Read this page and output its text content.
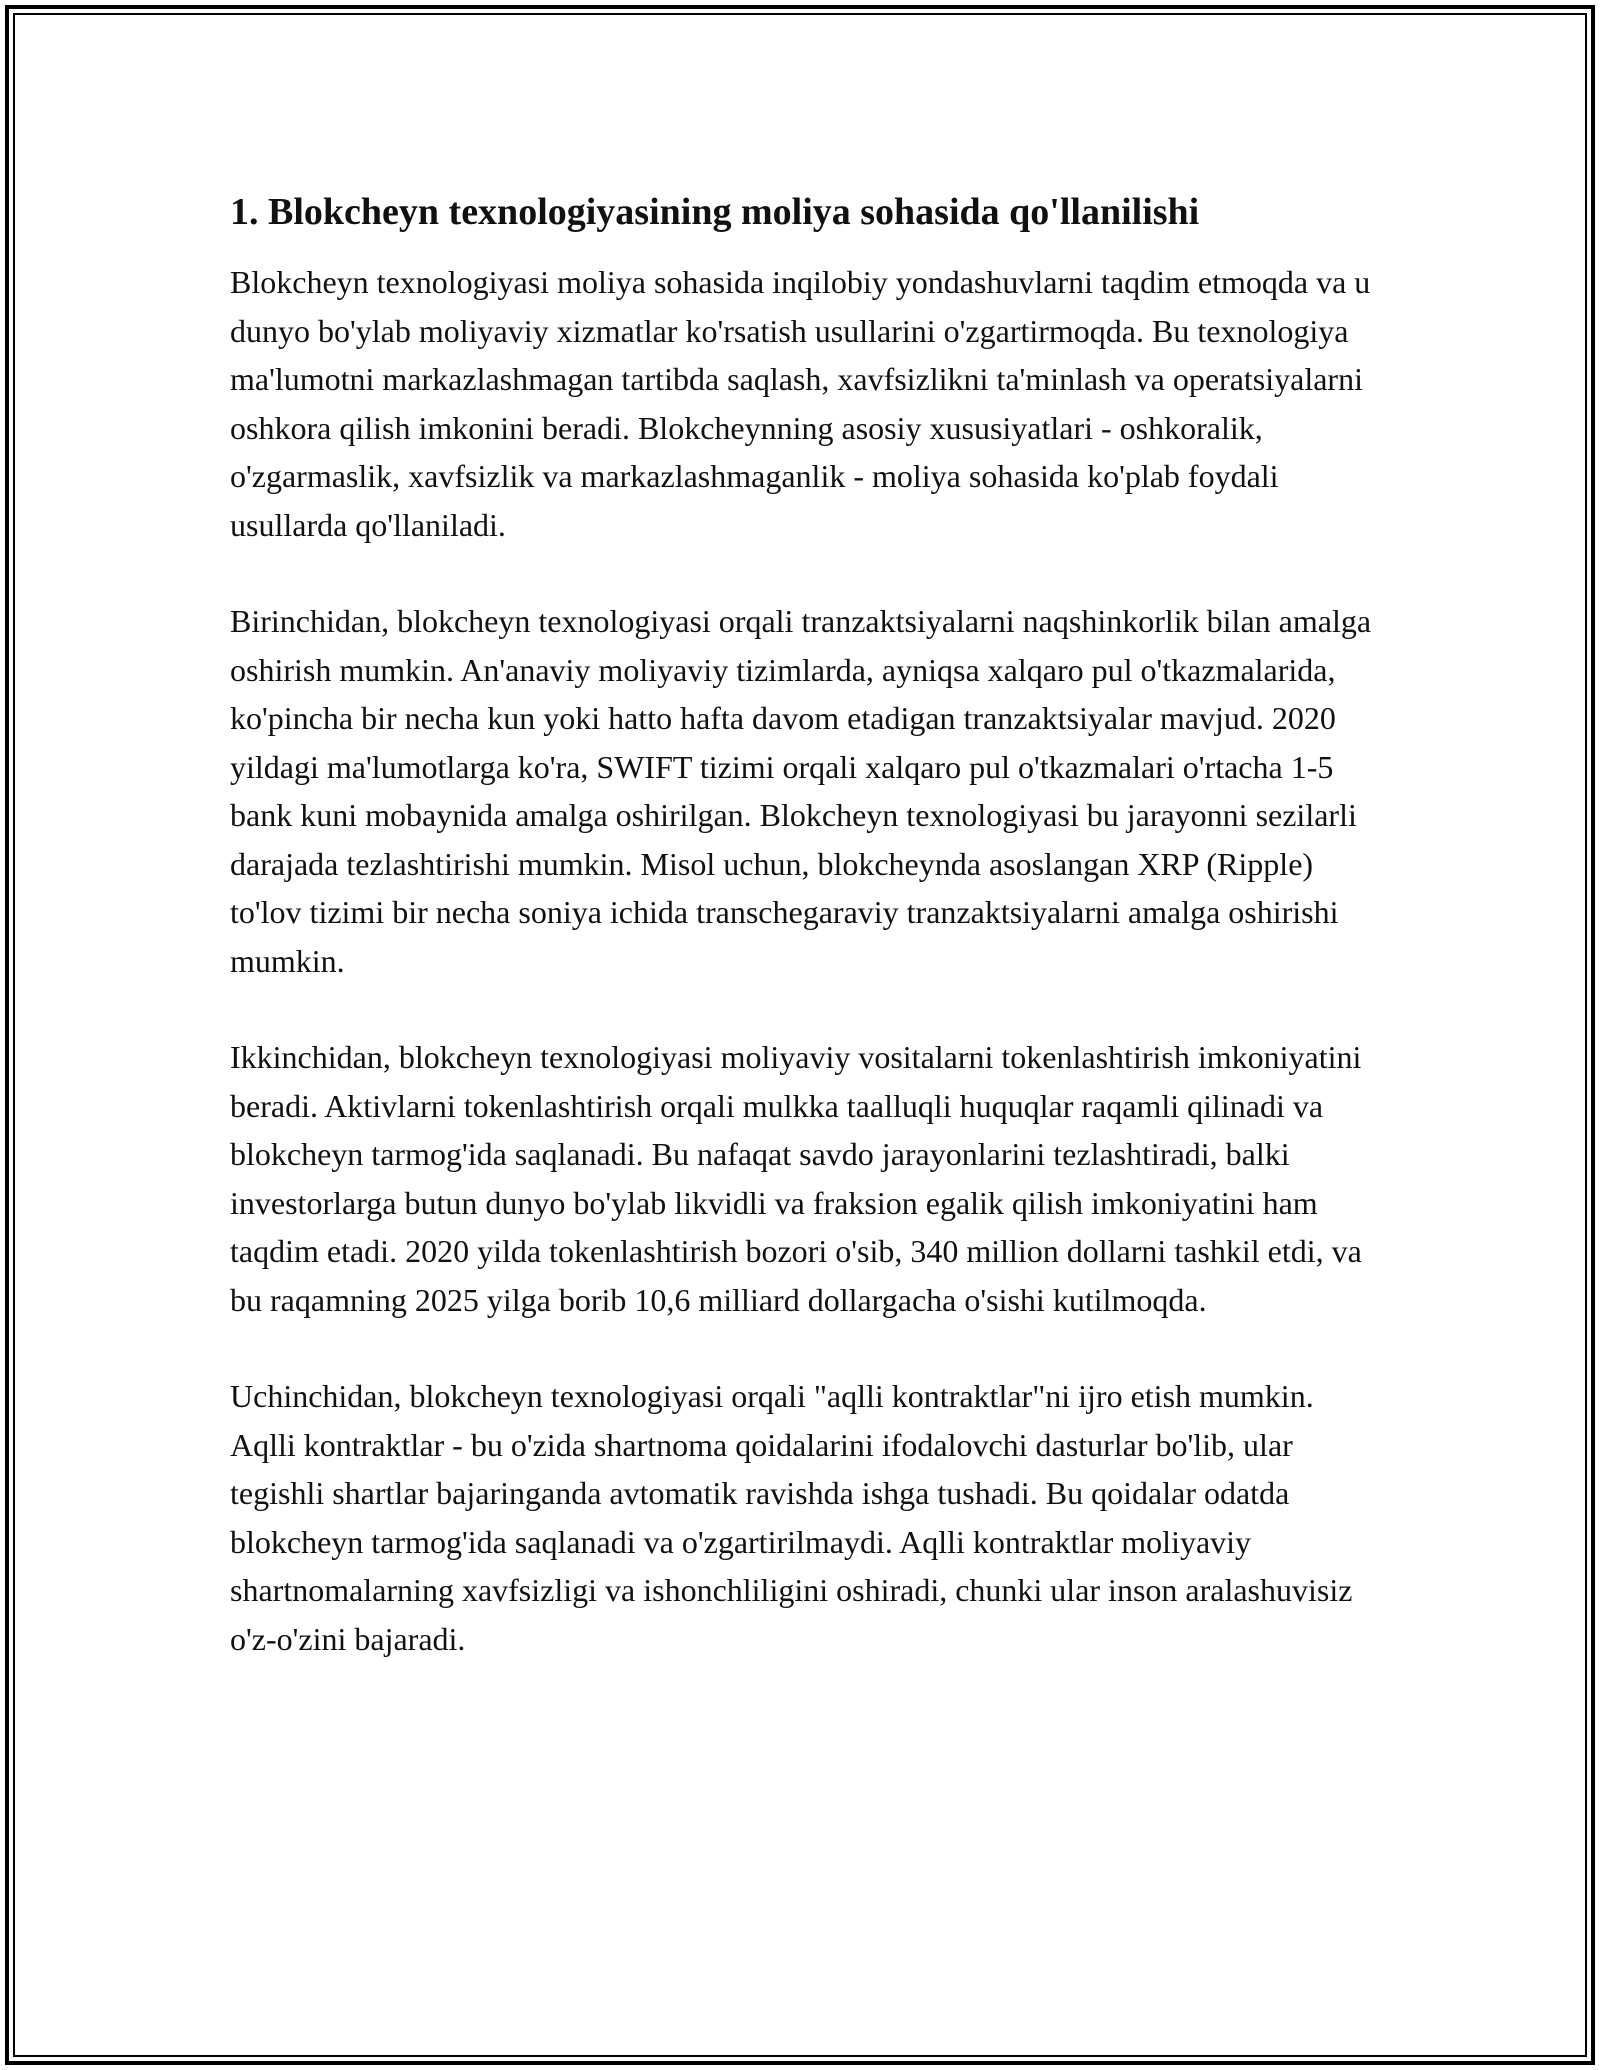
1. Blokcheyn texnologiyasining moliya sohasida qo'llanilishi

Blokcheyn texnologiyasi moliya sohasida inqilobiy yondashuvlarni taqdim etmoqda va u dunyo bo'ylab moliyaviy xizmatlar ko'rsatish usullarini o'zgartirmoqda. Bu texnologiya ma'lumotni markazlashmagan tartibda saqlash, xavfsizlikni ta'minlash va operatsiyalarni oshkora qilish imkonini beradi. Blokcheynning asosiy xususiyatlari - oshkoralik, o'zgarmaslik, xavfsizlik va markazlashmaganlik - moliya sohasida ko'plab foydali usullarda qo'llaniladi.

Birinchidan, blokcheyn texnologiyasi orqali tranzaktsiyalarni naqshinkorlik bilan amalga oshirish mumkin. An'anaviy moliyaviy tizimlarda, ayniqsa xalqaro pul o'tkazmalarida, ko'pincha bir necha kun yoki hatto hafta davom etadigan tranzaktsiyalar mavjud. 2020 yildagi ma'lumotlarga ko'ra, SWIFT tizimi orqali xalqaro pul o'tkazmalari o'rtacha 1-5 bank kuni mobaynida amalga oshirilgan. Blokcheyn texnologiyasi bu jarayonni sezilarli darajada tezlashtirishi mumkin. Misol uchun, blokcheynda asoslangan XRP (Ripple) to'lov tizimi bir necha soniya ichida transchegaraviy tranzaktsiyalarni amalga oshirishi mumkin.

Ikkinchidan, blokcheyn texnologiyasi moliyaviy vositalarni tokenlashtirish imkoniyatini beradi. Aktivlarni tokenlashtirish orqali mulkka taalluqli huquqlar raqamli qilinadi va blokcheyn tarmog'ida saqlanadi. Bu nafaqat savdo jarayonlarini tezlashtiradi, balki investorlarga butun dunyo bo'ylab likvidli va fraksion egalik qilish imkoniyatini ham taqdim etadi. 2020 yilda tokenlashtirish bozori o'sib, 340 million dollarni tashkil etdi, va bu raqamning 2025 yilga borib 10,6 milliard dollargacha o'sishi kutilmoqda.

Uchinchidan, blokcheyn texnologiyasi orqali "aqlli kontraktlar"ni ijro etish mumkin. Aqlli kontraktlar - bu o'zida shartnoma qoidalarini ifodalovchi dasturlar bo'lib, ular tegishli shartlar bajaringanda avtomatik ravishda ishga tushadi. Bu qoidalar odatda blokcheyn tarmog'ida saqlanadi va o'zgartirilmaydi. Aqlli kontraktlar moliyaviy shartnomalarning xavfsizligi va ishonchliligini oshiradi, chunki ular inson aralashuvisiz o'z-o'zini bajaradi.
